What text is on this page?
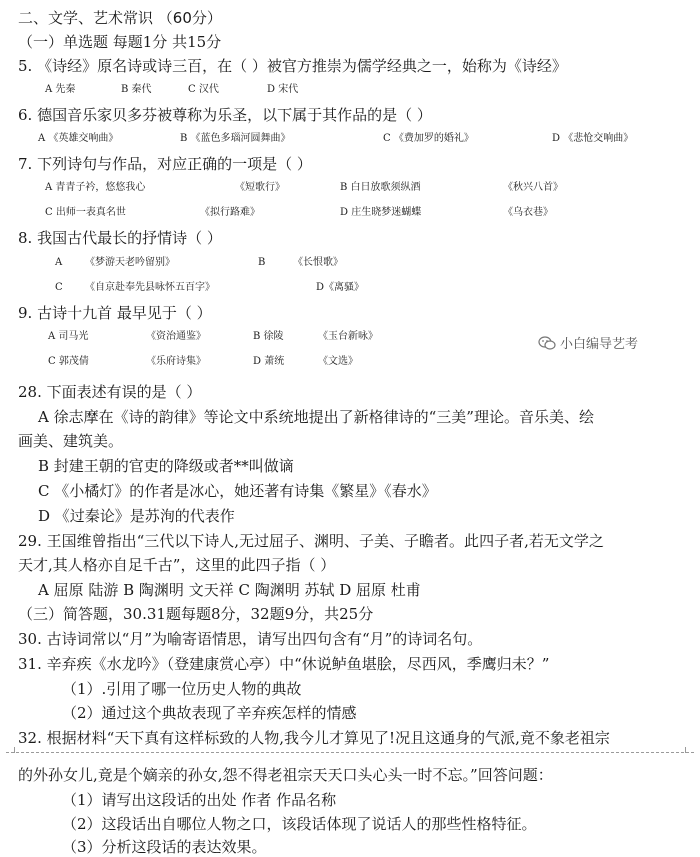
二、文学、艺术常识 （60分）
（一）单选题 每题1分 共15分
5. 《诗经》原名诗或诗三百，在（ ）被官方推崇为儒学经典之一，始称为《诗经》
A 先秦	B 秦代	C 汉代	D 宋代
6. 德国音乐家贝多芬被尊称为乐圣，以下属于其作品的是（ ）
A 《英雄交响曲》	B 《蓝色多瑙河圆舞曲》	C 《费加罗的婚礼》	D 《悲怆交响曲》
7. 下列诗句与作品，对应正确的一项是（ ）
A 青青子衿，悠悠我心	《短歌行》	B 白日放歌须纵酒	《秋兴八首》
C 出师一表真名世	《拟行路难》	D 庄生晓梦迷蝴蝶	《乌衣巷》
8. 我国古代最长的抒情诗（ ）
A 《梦游天老吟留别》	B	《长恨歌》
C 《自京赴奉先县咏怀五百字》	D《离骚》
9. 古诗十九首 最早见于（ ）
A 司马光	《资治通鉴》	B 徐陵	《玉台新咏》
C 郭茂倩	《乐府诗集》	D 萧统	《文选》
小白编导艺考
28. 下面表述有误的是（ ）
A 徐志摩在《诗的韵律》等论文中系统地提出了新格律诗的“三美”理论。音乐美、绘
画美、建筑美。
B 封建王朝的官吏的降级或者**叫做谪
C 《小橘灯》的作者是冰心，她还著有诗集《繁星》《春水》
D 《过秦论》是苏洵的代表作
29. 王国维曾指出“三代以下诗人,无过屈子、渊明、子美、子瞻者。此四子者,若无文学之
天才,其人格亦自足千古”，这里的此四子指（ ）
A 屈原 陆游 B 陶渊明 文天祥 C 陶渊明 苏轼 D 屈原 杜甫
（三）简答题，30.31题每题8分，32题9分，共25分
30. 古诗词常以“月”为喻寄语情思，请写出四句含有“月”的诗词名句。
31. 辛弃疾《水龙吟》（登建康赏心亭）中“休说鲈鱼堪脍，尽西风，季鹰归未？”
（1）.引用了哪一位历史人物的典故
（2）通过这个典故表现了辛弃疾怎样的情感
32. 根据材料“天下真有这样标致的人物,我今儿才算见了!况且这通身的气派,竟不象老祖宗
的外孙女儿,竟是个嫡亲的孙女,怨不得老祖宗天天口头心头一时不忘。”回答问题：
（1）请写出这段话的出处 作者 作品名称
（2）这段话出自哪位人物之口，该段话体现了说话人的那些性格特征。
（3）分析这段话的表达效果。
